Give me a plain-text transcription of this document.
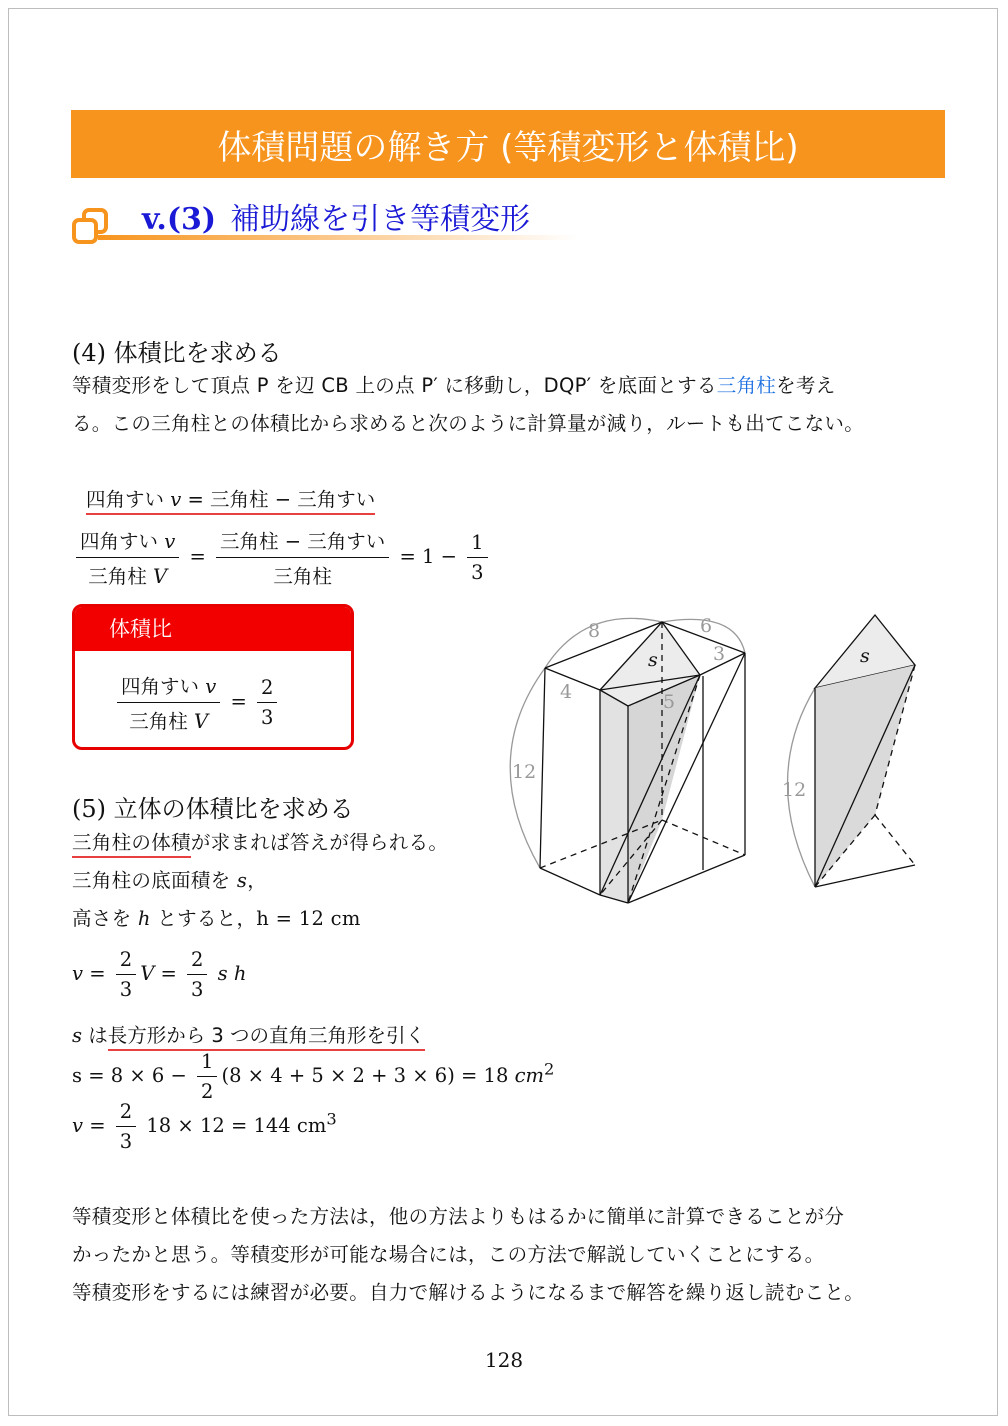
体積問題の解き方 (等積変形と体積比)
v.(3) 補助線を引き等積変形
(4) 体積比を求める
等積変形をして頂点 P を辺 CB 上の点 P′ に移動し，DQP′ を底面とする三角柱を考え
る。この三角柱との体積比から求めると次のように計算量が減り，ルートも出てこない。
四角すい v = 三角柱 − 三角すい
$\frac{\text{四角すい v}}{\text{三角柱 V}} = \frac{\text{三角柱 − 三角すい}}{\text{三角柱}} = 1 - \frac{1}{3}$
体積比
$\frac{\text{四角すい v}}{\text{三角柱 V}} = \frac{2}{3}$
8	6
3
4	5
12
12
s	s
(5) 立体の体積比を求める
三角柱の体積が求まれば答えが得られる。
三角柱の底面積を s，
高さを h とすると，h = 12 cm
$v = \frac{2}{3}$ $V = \frac{2}{3}$ s h
s は長方形から 3 つの直角三角形を引く
$s = 8 \times 6 - \frac{1}{2} (8 \times 4 + 5 \times 2 + 3 \times 6) = 18$ $cm^2$
$v = \frac{2}{3} 18 \times 12 = 144$ $cm^3$
等積変形と体積比を使った方法は，他の方法よりもはるかに簡単に計算できることが分
かったかと思う。等積変形が可能な場合には，この方法で解説していくことにする。
等積変形をするには練習が必要。自力で解けるようになるまで解答を繰り返し読むこと。
128
